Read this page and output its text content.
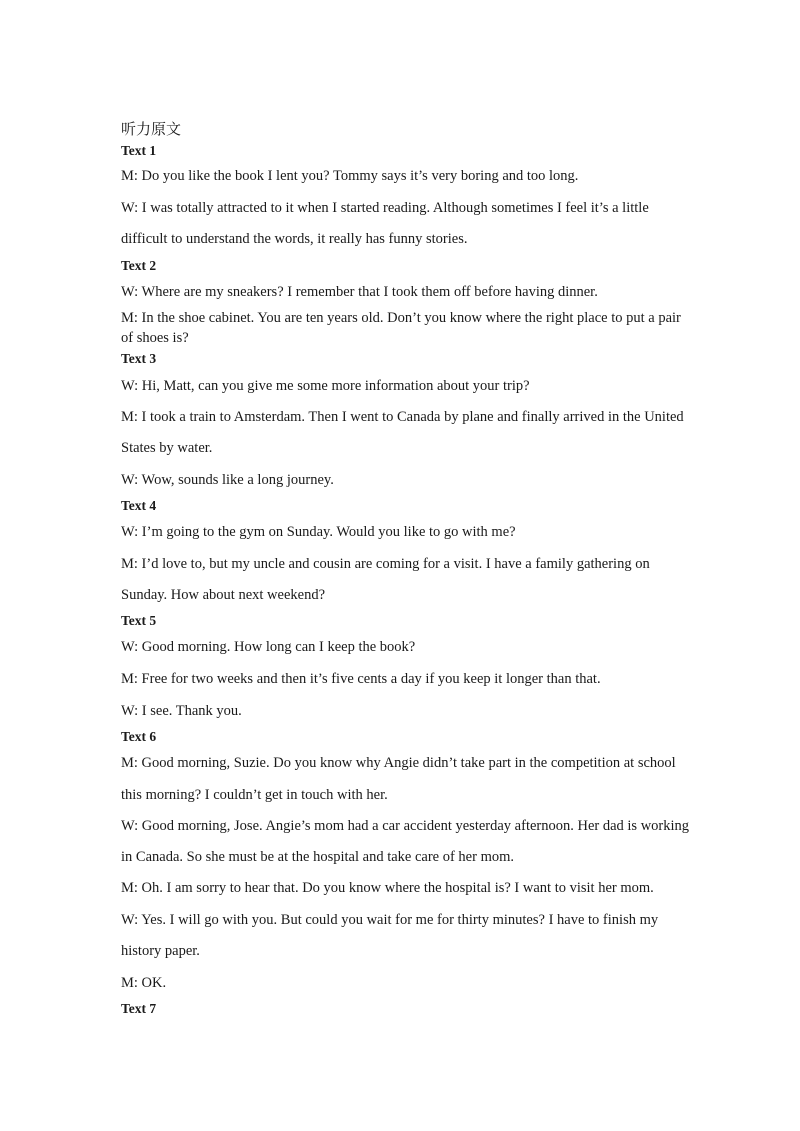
听力原文
Text 1
M: Do you like the book I lent you? Tommy says it’s very boring and too long.
W: I was totally attracted to it when I started reading. Although sometimes I feel it’s a little
difficult to understand the words, it really has funny stories.
Text 2
W: Where are my sneakers? I remember that I took them off before having dinner.
M: In the shoe cabinet. You are ten years old. Don’t you know where the right place to put a pair
of shoes is?
Text 3
W: Hi, Matt, can you give me some more information about your trip?
M: I took a train to Amsterdam. Then I went to Canada by plane and finally arrived in the United
States by water.
W: Wow, sounds like a long journey.
Text 4
W: I’m going to the gym on Sunday. Would you like to go with me?
M: I’d love to, but my uncle and cousin are coming for a visit. I have a family gathering on
Sunday. How about next weekend?
Text 5
W: Good morning. How long can I keep the book?
M: Free for two weeks and then it’s five cents a day if you keep it longer than that.
W: I see. Thank you.
Text 6
M: Good morning, Suzie. Do you know why Angie didn’t take part in the competition at school
this morning? I couldn’t get in touch with her.
W: Good morning, Jose. Angie’s mom had a car accident yesterday afternoon. Her dad is working
in Canada. So she must be at the hospital and take care of her mom.
M: Oh. I am sorry to hear that. Do you know where the hospital is? I want to visit her mom.
W: Yes. I will go with you. But could you wait for me for thirty minutes? I have to finish my
history paper.
M: OK.
Text 7
